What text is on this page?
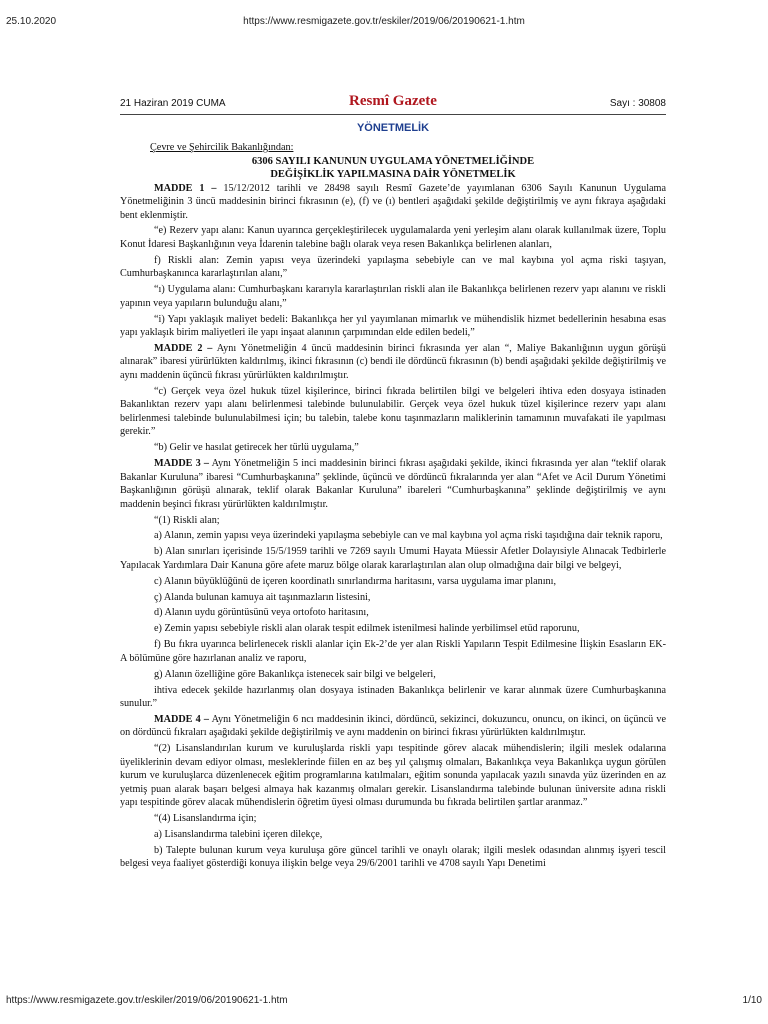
25.10.2020	https://www.resmigazete.gov.tr/eskiler/2019/06/20190621-1.htm
21 Haziran 2019 CUMA	Resmî Gazete	Sayı : 30808
YÖNETMELİK

Çevre ve Şehircilik Bakanlığından:

6306 SAYILI KANUNUN UYGULAMA YÖNETMELİĞİNDE

DEĞİŞİKLİK YAPILMASINA DAİR YÖNETMELİK

MADDE 1 – 15/12/2012 tarihli ve 28498 sayılı Resmî Gazete’de yayımlanan 6306 Sayılı Kanunun Uygulama Yönetmeliğinin 3 üncü maddesinin birinci fıkrasının (e), (f) ve (ı) bentleri aşağıdaki şekilde değiştirilmiş ve aynı fıkraya aşağıdaki bent eklenmiştir.

“e) Rezerv yapı alanı: Kanun uyarınca gerçekleştirilecek uygulamalarda yeni yerleşim alanı olarak kullanılmak üzere, Toplu Konut İdaresi Başkanlığının veya İdarenin talebine bağlı olarak veya resen Bakanlıkça belirlenen alanları,

f) Riskli alan: Zemin yapısı veya üzerindeki yapılaşma sebebiyle can ve mal kaybına yol açma riski taşıyan, Cumhurbaşkanınca kararlaştırılan alanı,”

“ı) Uygulama alanı: Cumhurbaşkanı kararıyla kararlaştırılan riskli alan ile Bakanlıkça belirlenen rezerv yapı alanını ve riskli yapının veya yapıların bulunduğu alanı,”

“i) Yapı yaklaşık maliyet bedeli: Bakanlıkça her yıl yayımlanan mimarlık ve mühendislik hizmet bedellerinin hesabına esas yapı yaklaşık birim maliyetleri ile yapı inşaat alanının çarpımından elde edilen bedeli,”

MADDE 2 – Aynı Yönetmeliğin 4 üncü maddesinin birinci fıkrasında yer alan “, Maliye Bakanlığının uygun görüşü alınarak” ibaresi yürürlükten kaldırılmış, ikinci fıkrasının (c) bendi ile dördüncü fıkrasının (b) bendi aşağıdaki şekilde değiştirilmiş ve aynı maddenin üçüncü fıkrası yürürlükten kaldırılmıştır.

“c) Gerçek veya özel hukuk tüzel kişilerince, birinci fıkrada belirtilen bilgi ve belgeleri ihtiva eden dosyaya istinaden Bakanlıktan rezerv yapı alanı belirlenmesi talebinde bulunulabilir. Gerçek veya özel hukuk tüzel kişilerince rezerv yapı alanı belirlenmesi talebinde bulunulabilmesi için; bu talebin, talebe konu taşınmazların maliklerinin tamamının muvafakati ile yapılması gerekir.”

“b) Gelir ve hasılat getirecek her türlü uygulama,”

MADDE 3 – Aynı Yönetmeliğin 5 inci maddesinin birinci fıkrası aşağıdaki şekilde, ikinci fıkrasında yer alan “teklif olarak Bakanlar Kuruluna” ibaresi “Cumhurbaşkanına” şeklinde, üçüncü ve dördüncü fıkralarında yer alan “Afet ve Acil Durum Yönetimi Başkanlığının görüşü alınarak, teklif olarak Bakanlar Kuruluna” ibareleri “Cumhurbaşkanına” şeklinde değiştirilmiş ve aynı maddenin beşinci fıkrası yürürlükten kaldırılmıştır.

“(1) Riskli alan;

a) Alanın, zemin yapısı veya üzerindeki yapılaşma sebebiyle can ve mal kaybına yol açma riski taşıdığına dair teknik raporu,

b) Alan sınırları içerisinde 15/5/1959 tarihli ve 7269 sayılı Umumi Hayata Müessir Afetler Dolayısiyle Alınacak Tedbirlerle Yapılacak Yardımlara Dair Kanuna göre afete maruz bölge olarak kararlaştırılan alan olup olmadığına dair bilgi ve belgeyi,

c) Alanın büyüklüğünü de içeren koordinatlı sınırlandırma haritasını, varsa uygulama imar planını,

ç) Alanda bulunan kamuya ait taşınmazların listesini,

d) Alanın uydu görüntüsünü veya ortofoto haritasını,

e) Zemin yapısı sebebiyle riskli alan olarak tespit edilmek istenilmesi halinde yerbilimsel etüd raporunu,

f) Bu fıkra uyarınca belirlenecek riskli alanlar için Ek-2’de yer alan Riskli Yapıların Tespit Edilmesine İlişkin Esasların EK-A bölümüne göre hazırlanan analiz ve raporu,

g) Alanın özelliğine göre Bakanlıkça istenecek sair bilgi ve belgeleri,

ihtiva edecek şekilde hazırlanmış olan dosyaya istinaden Bakanlıkça belirlenir ve karar alınmak üzere Cumhurbaşkanına sunulur.”

MADDE 4 – Aynı Yönetmeliğin 6 ncı maddesinin ikinci, dördüncü, sekizinci, dokuzuncu, onuncu, on ikinci, on üçüncü ve on dördüncü fıkraları aşağıdaki şekilde değiştirilmiş ve aynı maddenin on birinci fıkrası yürürlükten kaldırılmıştır.

“(2) Lisanslandırılan kurum ve kuruluşlarda riskli yapı tespitinde görev alacak mühendislerin; ilgili meslek odalarına üyeliklerinin devam ediyor olması, mesleklerinde fiilen en az beş yıl çalışmış olmaları, Bakanlıkça veya Bakanlıkça uygun görülen kurum ve kuruluşlarca düzenlenecek eğitim programlarına katılmaları, eğitim sonunda yapılacak yazılı sınavda yüz üzerinden en az yetmiş puan alarak başarı belgesi almaya hak kazanmış olmaları gerekir. Lisanslandırma talebinde bulunan üniversite adına riskli yapı tespitinde görev alacak mühendislerin öğretim üyesi olması durumunda bu fıkrada belirtilen şartlar aranmaz.”

“(4) Lisanslandırma için;

a) Lisanslandırma talebini içeren dilekçe,

b) Talepte bulunan kurum veya kuruluşa göre güncel tarihli ve onaylı olarak; ilgili meslek odasından alınmış işyeri tescil belgesi veya faaliyet gösterdiği konuya ilişkin belge veya 29/6/2001 tarihli ve 4708 sayılı Yapı Denetimi

https://www.resmigazete.gov.tr/eskiler/2019/06/20190621-1.htm	1/10
